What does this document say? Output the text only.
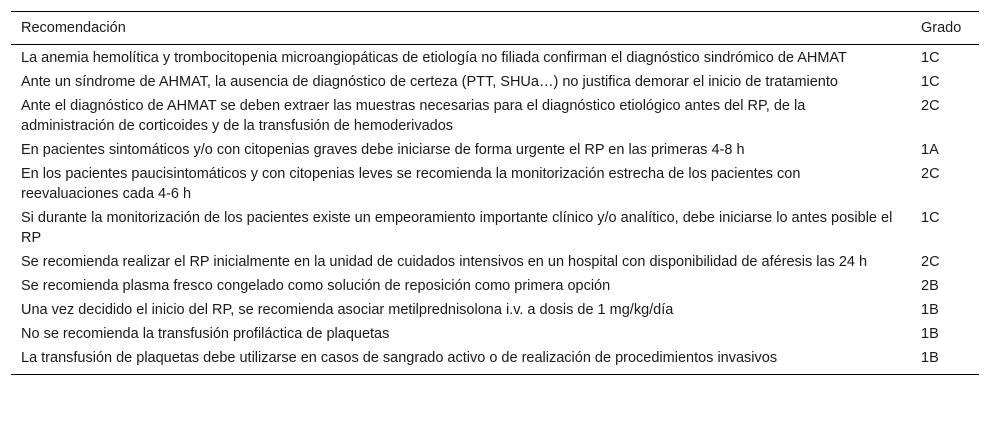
Recomendación	Grado
La anemia hemolítica y trombocitopenia microangiopáticas de etiología no filiada confirman el diagnóstico sindrómico de AHMAT	1C
Ante un síndrome de AHMAT, la ausencia de diagnóstico de certeza (PTT, SHUa…) no justifica demorar el inicio de tratamiento	1C
Ante el diagnóstico de AHMAT se deben extraer las muestras necesarias para el diagnóstico etiológico antes del RP, de la administración de corticoides y de la transfusión de hemoderivados	2C
En pacientes sintomáticos y/o con citopenias graves debe iniciarse de forma urgente el RP en las primeras 4-8 h	1A
En los pacientes paucisintomáticos y con citopenias leves se recomienda la monitorización estrecha de los pacientes con reevaluaciones cada 4-6 h	2C
Si durante la monitorización de los pacientes existe un empeoramiento importante clínico y/o analítico, debe iniciarse lo antes posible el RP	1C
Se recomienda realizar el RP inicialmente en la unidad de cuidados intensivos en un hospital con disponibilidad de aféresis las 24 h	2C
Se recomienda plasma fresco congelado como solución de reposición como primera opción	2B
Una vez decidido el inicio del RP, se recomienda asociar metilprednisolona i.v. a dosis de 1 mg/kg/día	1B
No se recomienda la transfusión profiláctica de plaquetas	1B
La transfusión de plaquetas debe utilizarse en casos de sangrado activo o de realización de procedimientos invasivos	1B
